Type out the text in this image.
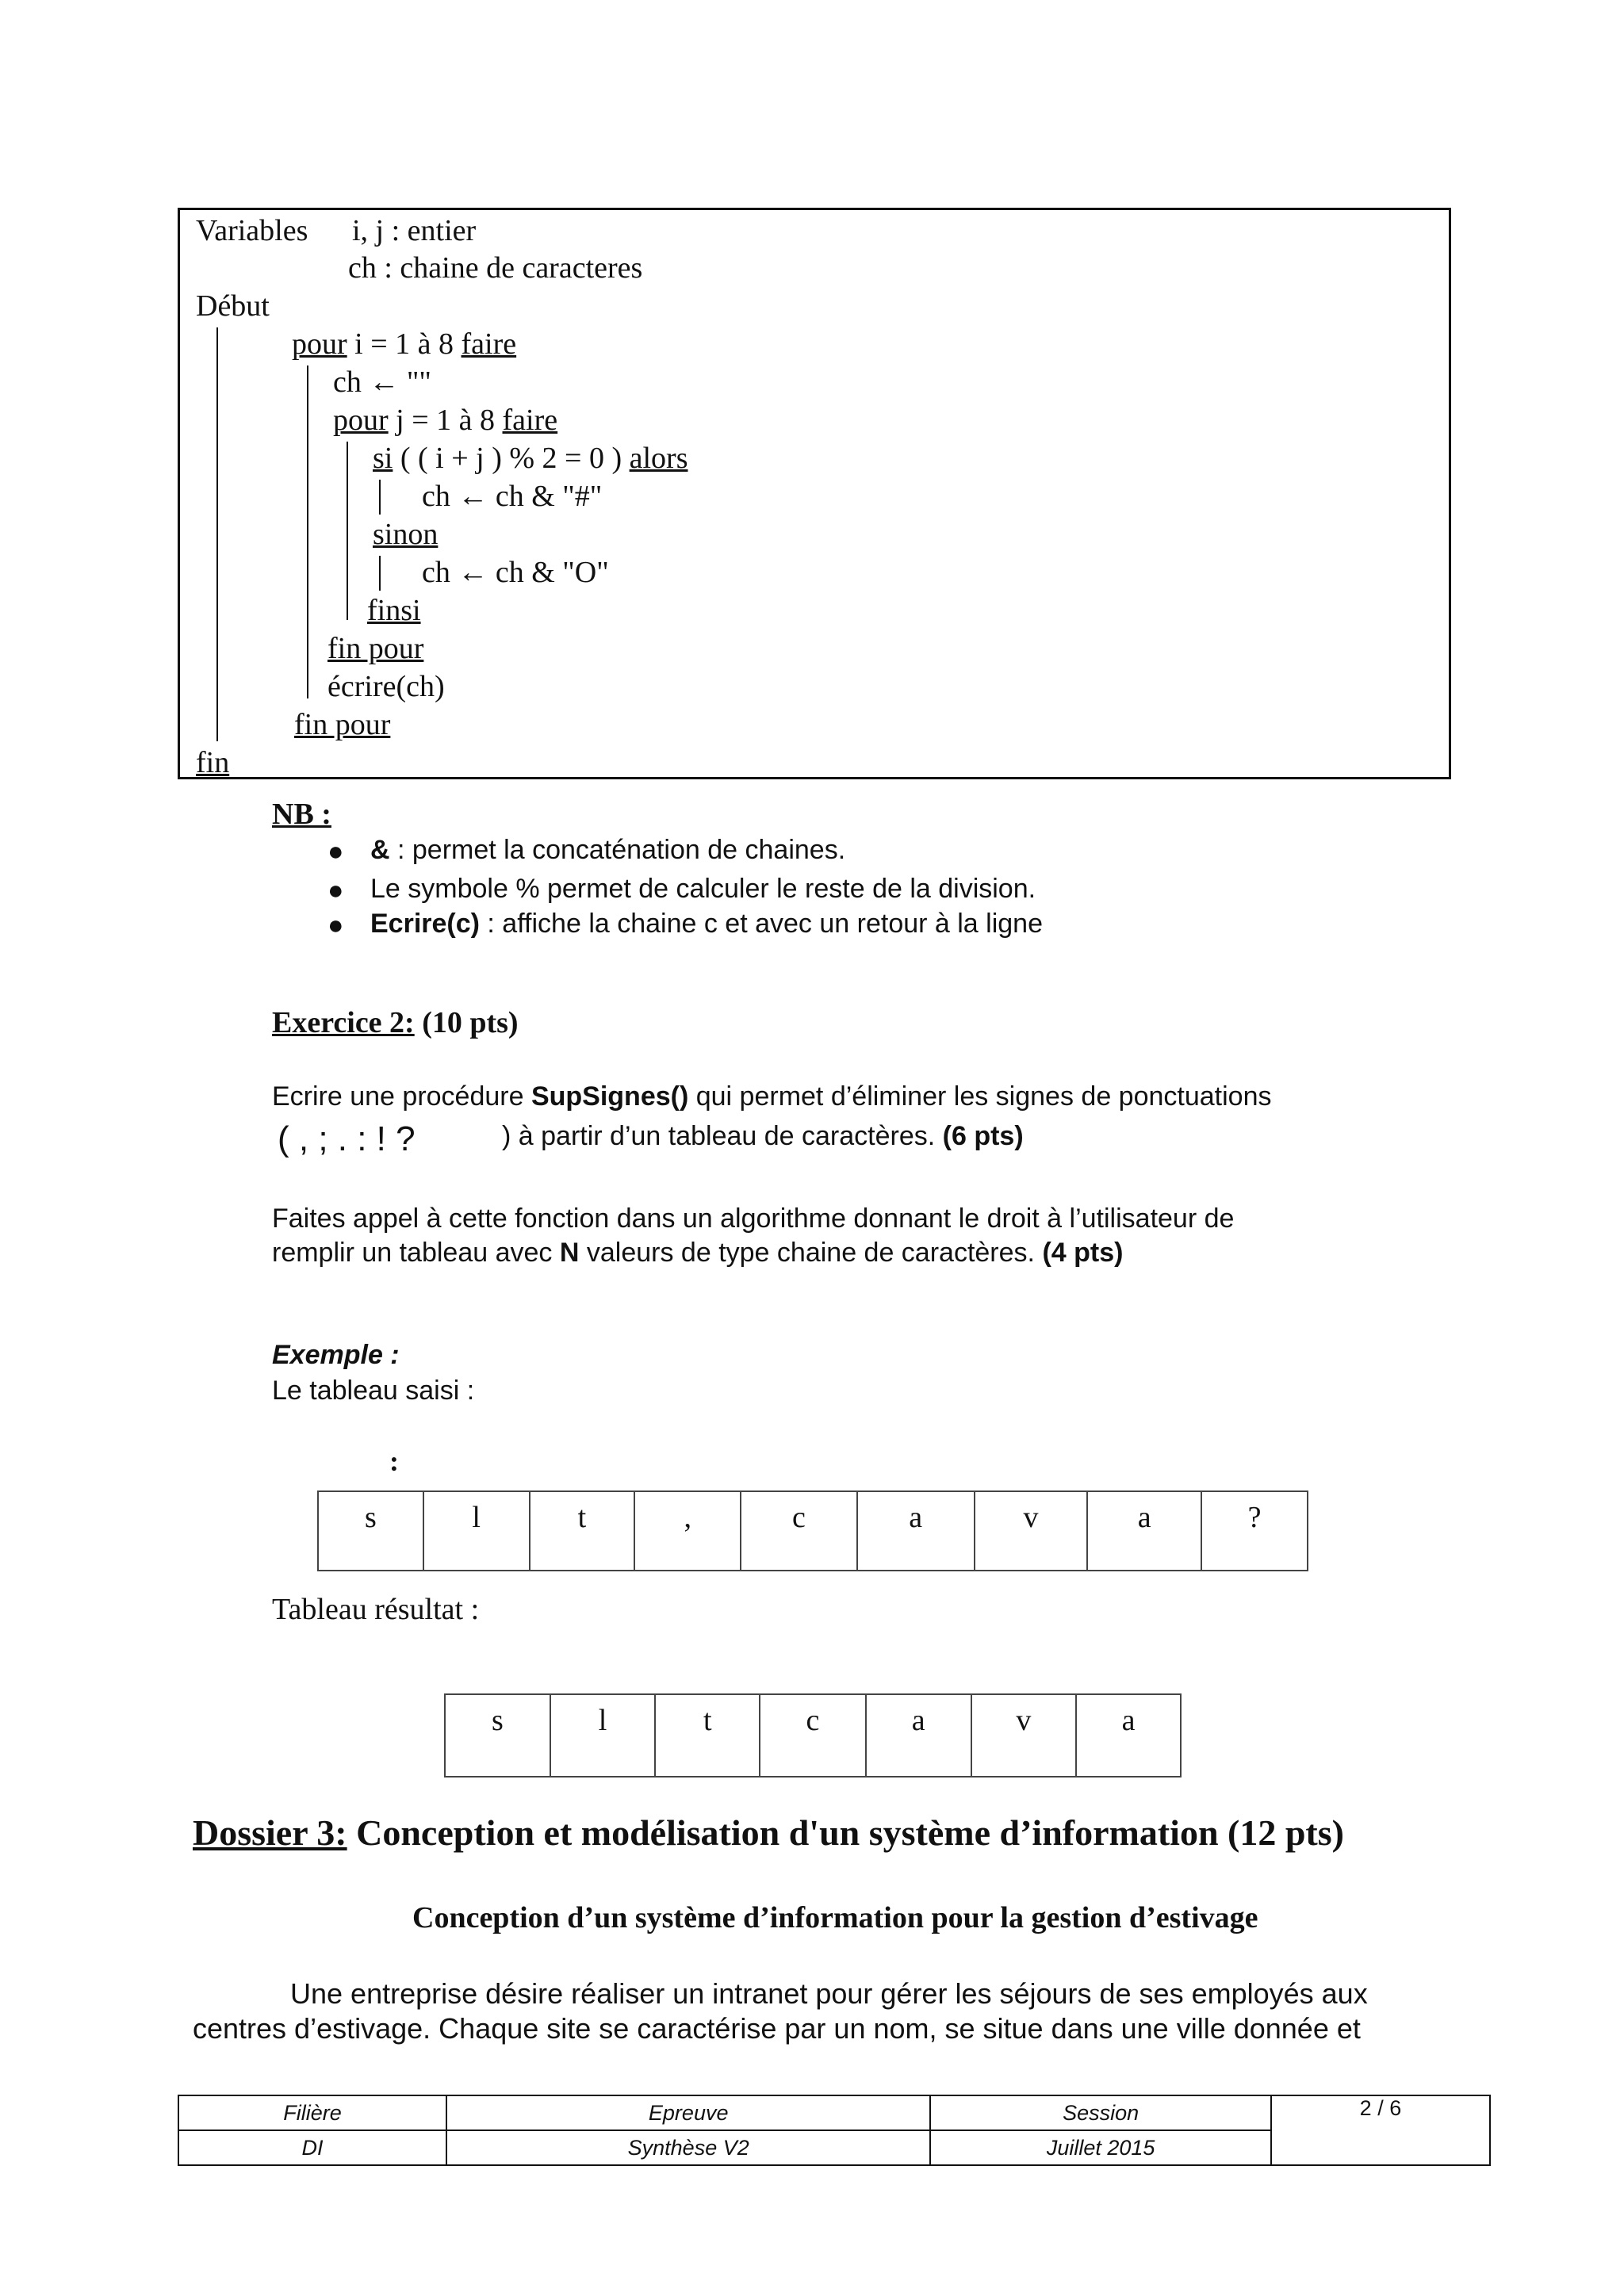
Variables i, j : entier
ch : chaine de caracteres
Début
pour i = 1 à 8 faire
ch ← ""
pour j = 1 à 8 faire
si ( ( i + j ) % 2 = 0 ) alors
ch ← ch & "#"
sinon
ch ← ch & "O"
finsi
fin pour
écrire(ch)
fin pour
fin
NB :
● & : permet la concaténation de chaines.
● Le symbole % permet de calculer le reste de la division.
● Ecrire(c) : affiche la chaine c et avec un retour à la ligne
Exercice 2: (10 pts)
Ecrire une procédure SupSignes() qui permet d’éliminer les signes de ponctuations
( , ; . : ! ?	) à partir d’un tableau de caractères. (6 pts)
Faites appel à cette fonction dans un algorithme donnant le droit à l’utilisateur de
remplir un tableau avec N valeurs de type chaine de caractères. (4 pts)
Exemple :
Le tableau saisi :
:
s	l	t	,	c	a	v	a	?
Tableau résultat :
s	l	t	c	a	v	a
Dossier 3: Conception et modélisation d'un système d’information (12 pts)
Conception d’un système d’information pour la gestion d’estivage
Une entreprise désire réaliser un intranet pour gérer les séjours de ses employés aux
centres d’estivage. Chaque site se caractérise par un nom, se situe dans une ville donnée et
Filière	Epreuve	Session	2 / 6
DI	Synthèse V2	Juillet 2015	
